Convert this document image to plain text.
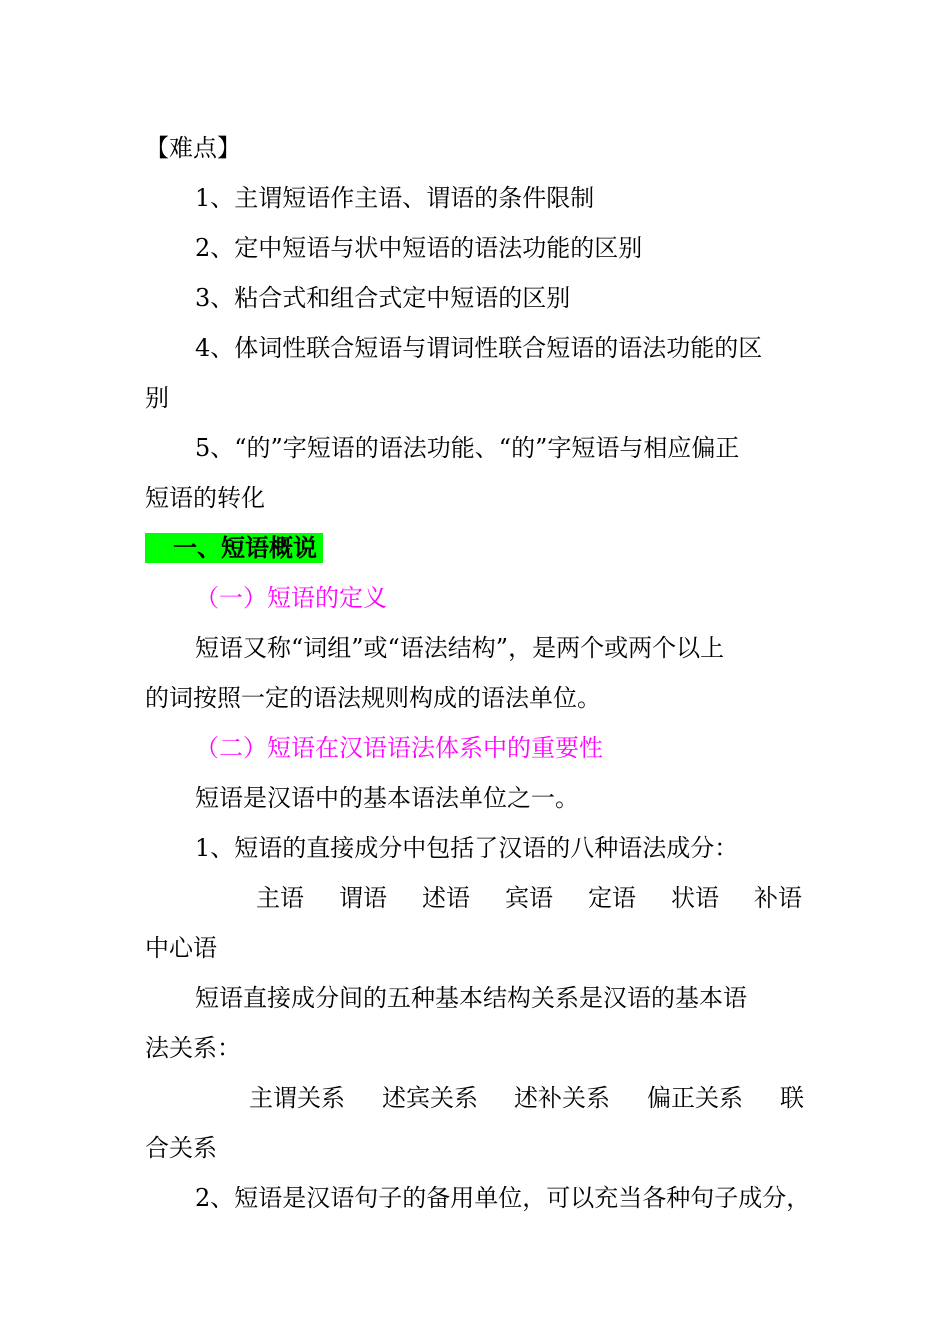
【难点】
1、主谓短语作主语、谓语的条件限制
2、定中短语与状中短语的语法功能的区别
3、粘合式和组合式定中短语的区别
4、体词性联合短语与谓词性联合短语的语法功能的区
别
5、“的”字短语的语法功能、“的”字短语与相应偏正
短语的转化
一、短语概说
（一）短语的定义
短语又称“词组”或“语法结构”，是两个或两个以上
的词按照一定的语法规则构成的语法单位。
（二）短语在汉语语法体系中的重要性
短语是汉语中的基本语法单位之一。
1、短语的直接成分中包括了汉语的八种语法成分：
主语 谓语 述语 宾语 定语 状语 补语
中心语
短语直接成分间的五种基本结构关系是汉语的基本语
法关系：
主谓关系 述宾关系 述补关系 偏正关系 联
合关系
2、短语是汉语句子的备用单位，可以充当各种句子成分，
